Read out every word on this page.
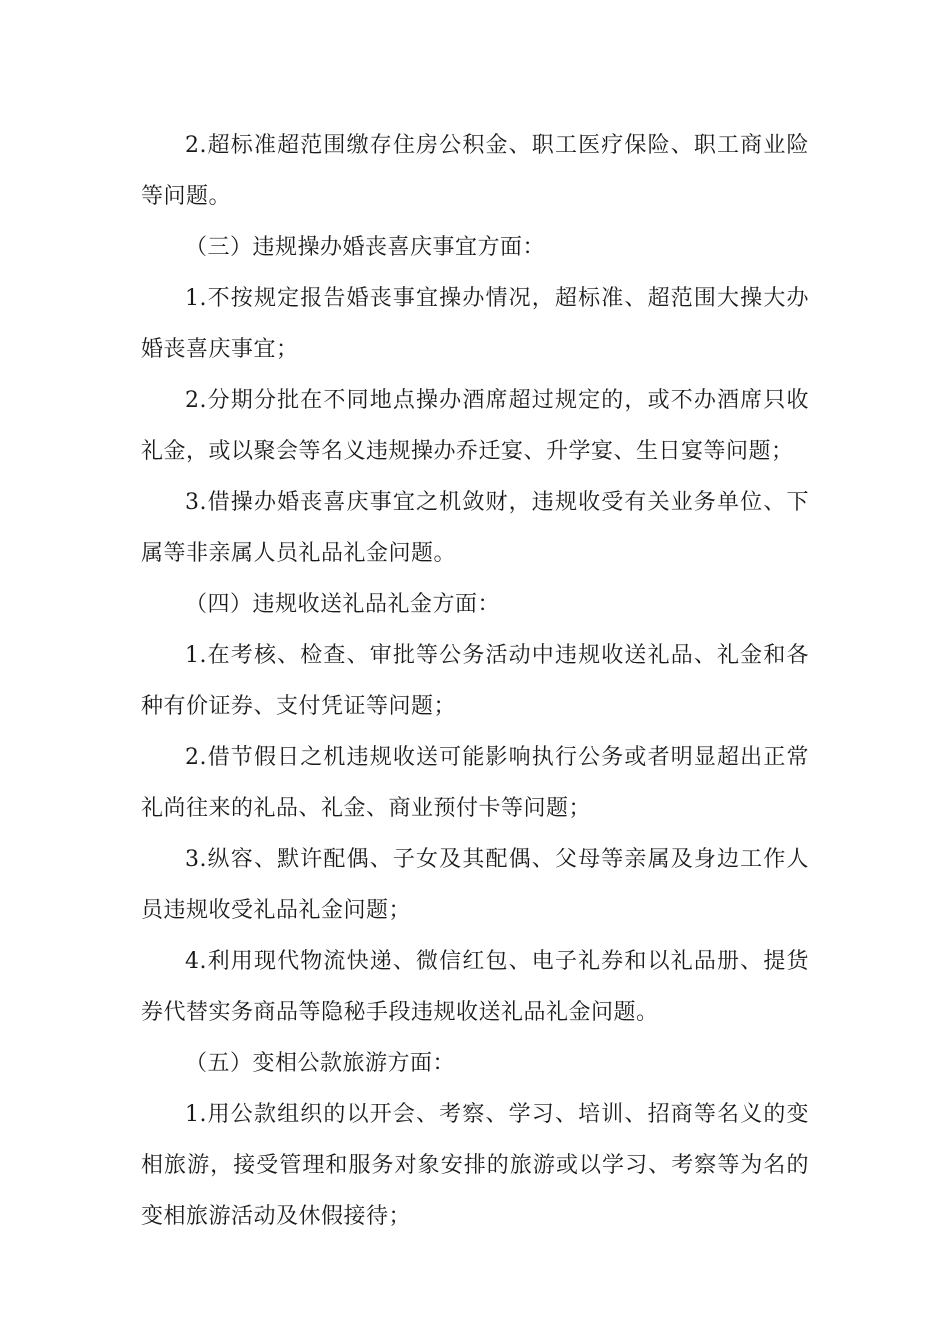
2.超标准超范围缴存住房公积金、职工医疗保险、职工商业险等问题。

（三）违规操办婚丧喜庆事宜方面：

1.不按规定报告婚丧事宜操办情况，超标准、超范围大操大办婚丧喜庆事宜；

2.分期分批在不同地点操办酒席超过规定的，或不办酒席只收礼金，或以聚会等名义违规操办乔迁宴、升学宴、生日宴等问题；

3.借操办婚丧喜庆事宜之机敛财，违规收受有关业务单位、下属等非亲属人员礼品礼金问题。

（四）违规收送礼品礼金方面：

1.在考核、检查、审批等公务活动中违规收送礼品、礼金和各种有价证券、支付凭证等问题；

2.借节假日之机违规收送可能影响执行公务或者明显超出正常礼尚往来的礼品、礼金、商业预付卡等问题；

3.纵容、默许配偶、子女及其配偶、父母等亲属及身边工作人员违规收受礼品礼金问题；

4.利用现代物流快递、微信红包、电子礼券和以礼品册、提货券代替实务商品等隐秘手段违规收送礼品礼金问题。

（五）变相公款旅游方面：

1.用公款组织的以开会、考察、学习、培训、招商等名义的变相旅游，接受管理和服务对象安排的旅游或以学习、考察等为名的变相旅游活动及休假接待；
